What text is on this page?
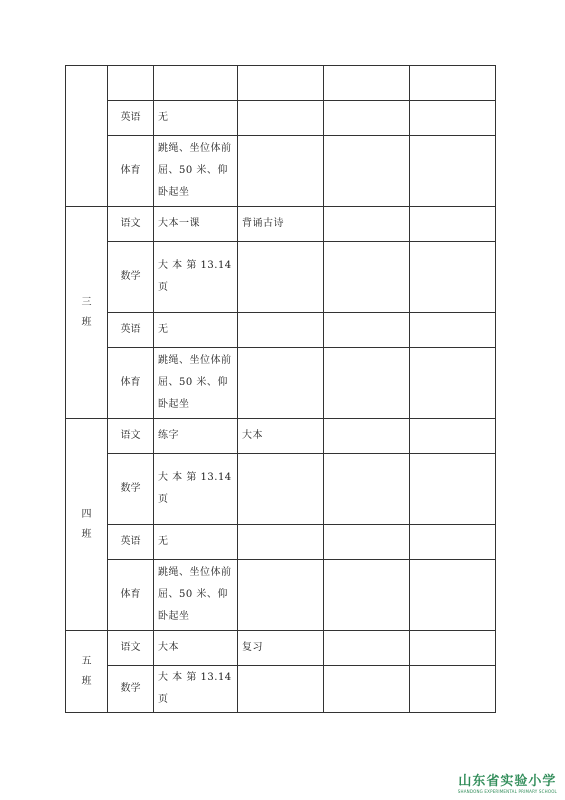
	英语	无			
	体育	跳绳、坐位体前屈、50 米、仰卧起坐			

三
班	语文	大本一课	背诵古诗		
	数学	大 本 第 13.14 页			
	英语	无			
	体育	跳绳、坐位体前屈、50 米、仰卧起坐			

四
班	语文	练字	大本		
	数学	大 本 第 13.14 页			
	英语	无			
	体育	跳绳、坐位体前屈、50 米、仰卧起坐			

五
班	语文	大本	复习		
	数学	大 本 第 13.14 页			
山东省实验小学
SHANDONG EXPERIMENTAL PRIMARY SCHOOL
